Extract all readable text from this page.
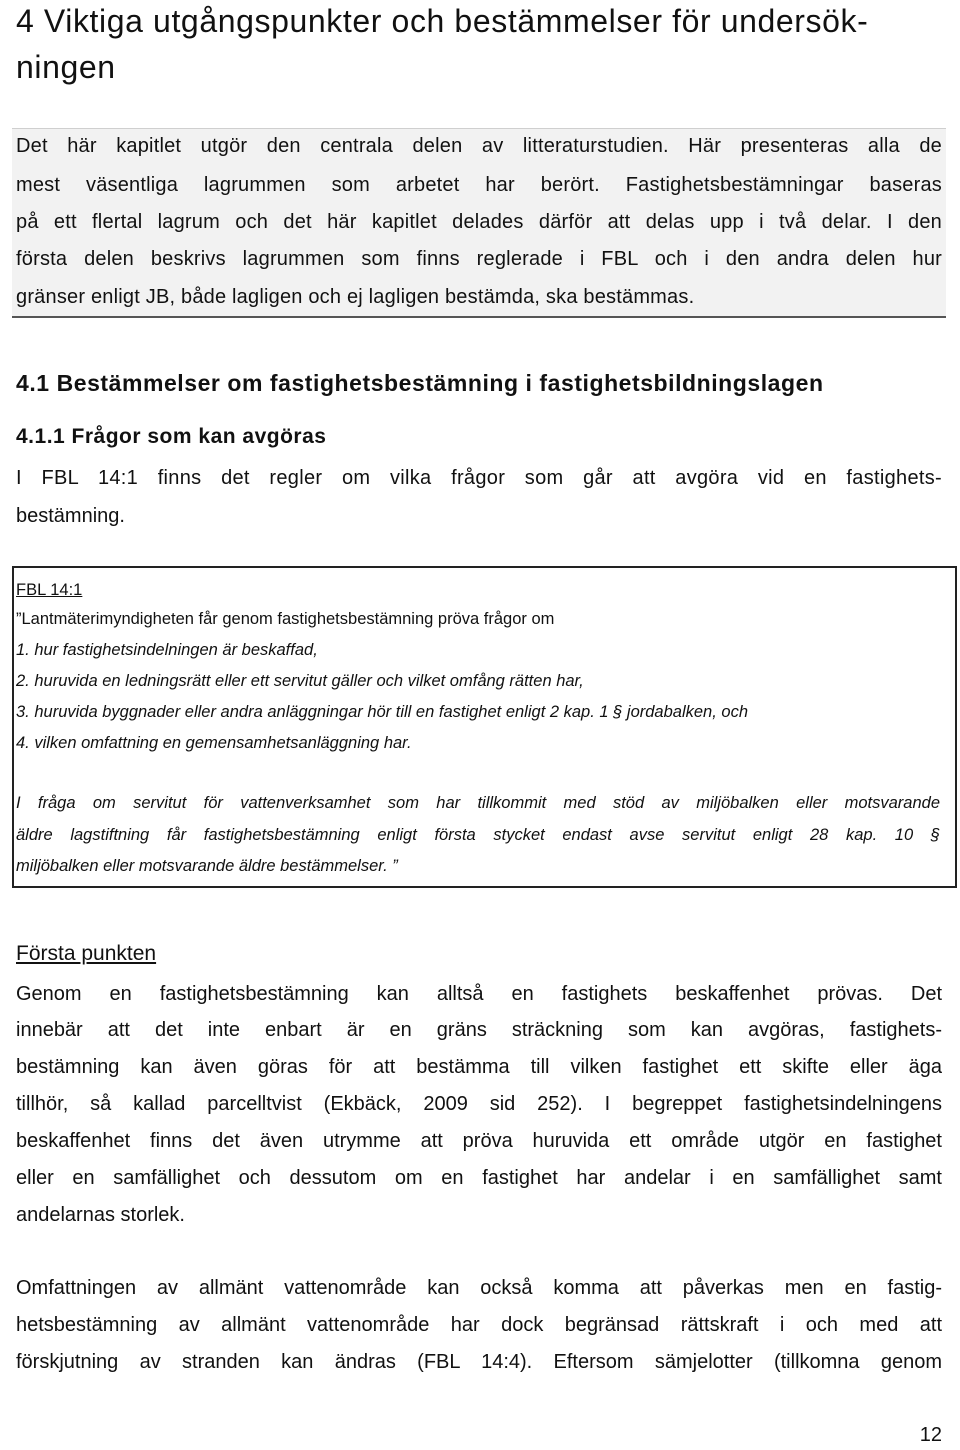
4 Viktiga utgångspunkter och bestämmelser för undersök-ningen
Det här kapitlet utgör den centrala delen av litteraturstudien. Här presenteras alla de
mest väsentliga lagrummen som arbetet har berört. Fastighetsbestämningar baseras
på ett flertal lagrum och det här kapitlet delades därför att delas upp i två delar. I den
första delen beskrivs lagrummen som finns reglerade i FBL och i den andra delen hur
gränser enligt JB, både lagligen och ej lagligen bestämda, ska bestämmas.
4.1 Bestämmelser om fastighetsbestämning i fastighetsbildningslagen
4.1.1 Frågor som kan avgöras
I FBL 14:1 finns det regler om vilka frågor som går att avgöra vid en fastighets-
bestämning.
FBL 14:1
”Lantmäterimyndigheten får genom fastighetsbestämning pröva frågor om
1. hur fastighetsindelningen är beskaffad,
2. huruvida en ledningsrätt eller ett servitut gäller och vilket omfång rätten har,
3. huruvida byggnader eller andra anläggningar hör till en fastighet enligt 2 kap. 1 § jordabalken, och
4. vilken omfattning en gemensamhetsanläggning har.
I fråga om servitut för vattenverksamhet som har tillkommit med stöd av miljöbalken eller motsvarande
äldre lagstiftning får fastighetsbestämning enligt första stycket endast avse servitut enligt 28 kap. 10 §
miljöbalken eller motsvarande äldre bestämmelser. ”
Första punkten
Genom en fastighetsbestämning kan alltså en fastighets beskaffenhet prövas. Det
innebär att det inte enbart är en gräns sträckning som kan avgöras, fastighets-
bestämning kan även göras för att bestämma till vilken fastighet ett skifte eller äga
tillhör, så kallad parcelltvist (Ekbäck, 2009 sid 252). I begreppet fastighetsindelningens
beskaffenhet finns det även utrymme att pröva huruvida ett område utgör en fastighet
eller en samfällighet och dessutom om en fastighet har andelar i en samfällighet samt
andelarnas storlek.
Omfattningen av allmänt vattenområde kan också komma att påverkas men en fastig-
hetsbestämning av allmänt vattenområde har dock begränsad rättskraft i och med att
förskjutning av stranden kan ändras (FBL 14:4). Eftersom sämjelotter (tillkomna genom
12
